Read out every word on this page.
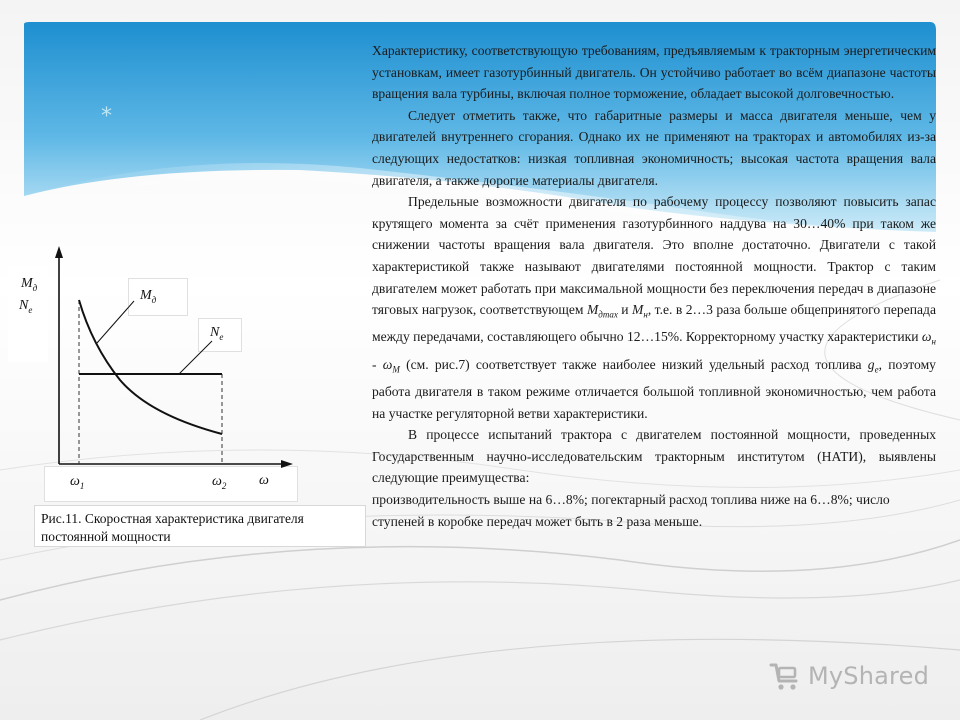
*

Характеристику, соответствующую требованиям, предъявляемым к тракторным энергетическим установкам, имеет газотурбинный двигатель. Он устойчиво работает во всём диапазоне частоты вращения вала турбины, включая полное торможение, обладает высокой долговечностью.

Следует отметить также, что габаритные размеры и масса двигателя меньше, чем у двигателей внутреннего сгорания. Однако их не применяют на тракторах и автомобилях из-за следующих недостатков: низкая топливная экономичность; высокая частота вращения вала двигателя, а также дорогие материалы двигателя.

Предельные возможности двигателя по рабочему процессу позволяют повысить запас крутящего момента за счёт применения газотурбинного наддува на 30…40% при таком же снижении частоты вращения вала двигателя. Это вполне достаточно. Двигатели с такой характеристикой также называют двигателями постоянной мощности. Трактор с таким двигателем может работать при максимальной мощности без переключения передач в диапазоне тяговых нагрузок, соответствующем $M_{дmax}$ и $M_н$, т.е. в 2…3 раза больше общепринятого перепада между передачами, составляющего обычно 12…15%. Корректорному участку характеристики $\omega_н - \omega_M$ (см. рис.7) соответствует также наиболее низкий удельный расход топлива $g_e$, поэтому работа двигателя в таком режиме отличается большой топливной экономичностью, чем работа на участке регуляторной ветви характеристики.

В процессе испытаний трактора с двигателем постоянной мощности, проведенных Государственным научно-исследовательским тракторным институтом (НАТИ), выявлены следующие преимущества:

производительность выше на 6…8%; погектарный расход топлива ниже на 6…8%; число ступеней в коробке передач может быть в 2 раза меньше.

$M_д$
$N_e$
$M_д$
$N_e$
$\omega_1$	$\omega_2$ ω
Рис.11. Скоростная характеристика двигателя постоянной мощности
MyShared
